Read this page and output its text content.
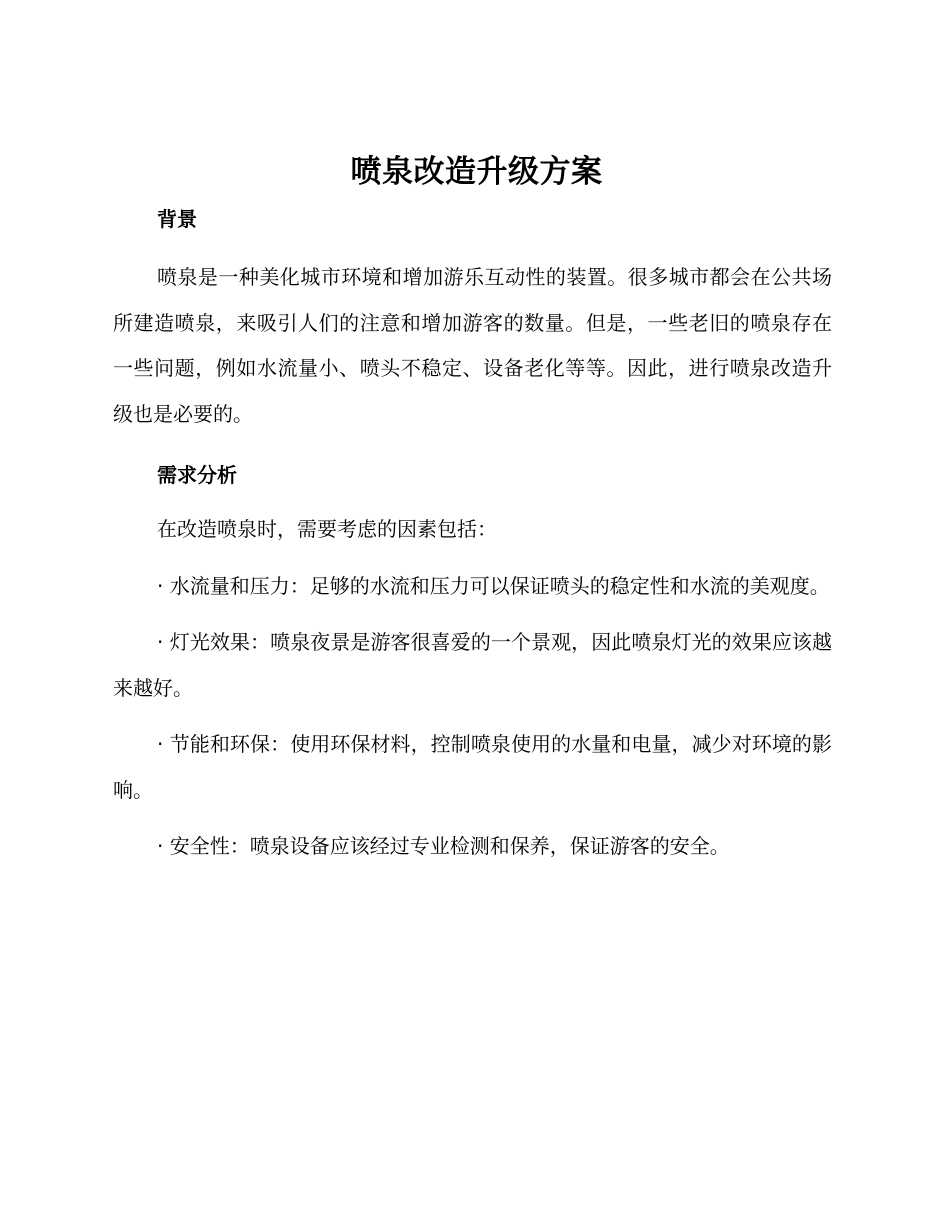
喷泉改造升级方案
背景

喷泉是一种美化城市环境和增加游乐互动性的装置。很多城市都会在公共场所建造喷泉，来吸引人们的注意和增加游客的数量。但是，一些老旧的喷泉存在一些问题，例如水流量小、喷头不稳定、设备老化等等。因此，进行喷泉改造升级也是必要的。

需求分析

在改造喷泉时，需要考虑的因素包括：

· 水流量和压力：足够的水流和压力可以保证喷头的稳定性和水流的美观度。

· 灯光效果：喷泉夜景是游客很喜爱的一个景观，因此喷泉灯光的效果应该越来越好。

· 节能和环保：使用环保材料，控制喷泉使用的水量和电量，减少对环境的影响。

· 安全性：喷泉设备应该经过专业检测和保养，保证游客的安全。
